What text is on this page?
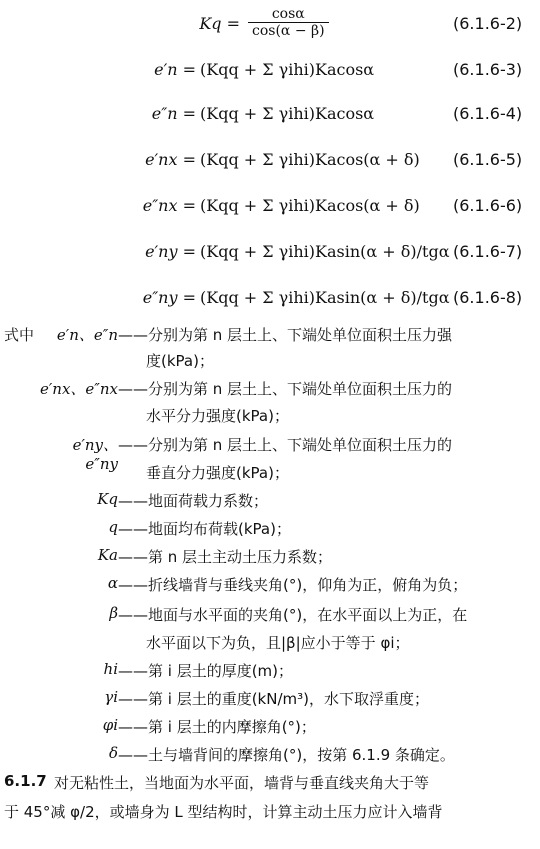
$Kq = \frac{\cos\alpha}{\cos(\alpha - \beta)}$	(6.1.6-2)
e′n = (Kqq + Σ γihi)Kacosα	(6.1.6-3)
e″n = (Kqq + Σ γihi)Kacosα	(6.1.6-4)
e′nx = (Kqq + Σ γihi)Kacos(α + δ) (6.1.6-5)
e″nx = (Kqq + Σ γihi)Kacos(α + δ) (6.1.6-6)
e′ny = (Kqq + Σ γihi)Kasin(α + δ)/tgα (6.1.6-7)
e″ny = (Kqq + Σ γihi)Kasin(α + δ)/tgα (6.1.6-8)
式中	e′n、e″n ——分别为第 n 层土上、下端处单位面积土压力强
度(kPa)；
e′nx、e″nx ——分别为第 n 层土上、下端处单位面积土压力的
水平分力强度(kPa)；
e′ny、e″ny
——分别为第 n 层土上、下端处单位面积土压力的
垂直分力强度(kPa)；
Kq ——地面荷载力系数；
q ——地面均布荷载(kPa)；
Ka ——第 n 层土主动土压力系数；
α ——折线墙背与垂线夹角(°)，仰角为正，俯角为负；
β ——地面与水平面的夹角(°)，在水平面以上为正，在
水平面以下为负，且|β|应小于等于 φi；
hi ——第 i 层土的厚度(m)；
γi ——第 i 层土的重度(kN/m³)，水下取浮重度；
φi ——第 i 层土的内摩擦角(°)；
δ ——土与墙背间的摩擦角(°)，按第 6.1.9 条确定。
6.1.7 对无粘性土，当地面为水平面，墙背与垂直线夹角大于等
于 45°减 φ/2，或墙身为 L 型结构时，计算主动土压力应计入墙背
